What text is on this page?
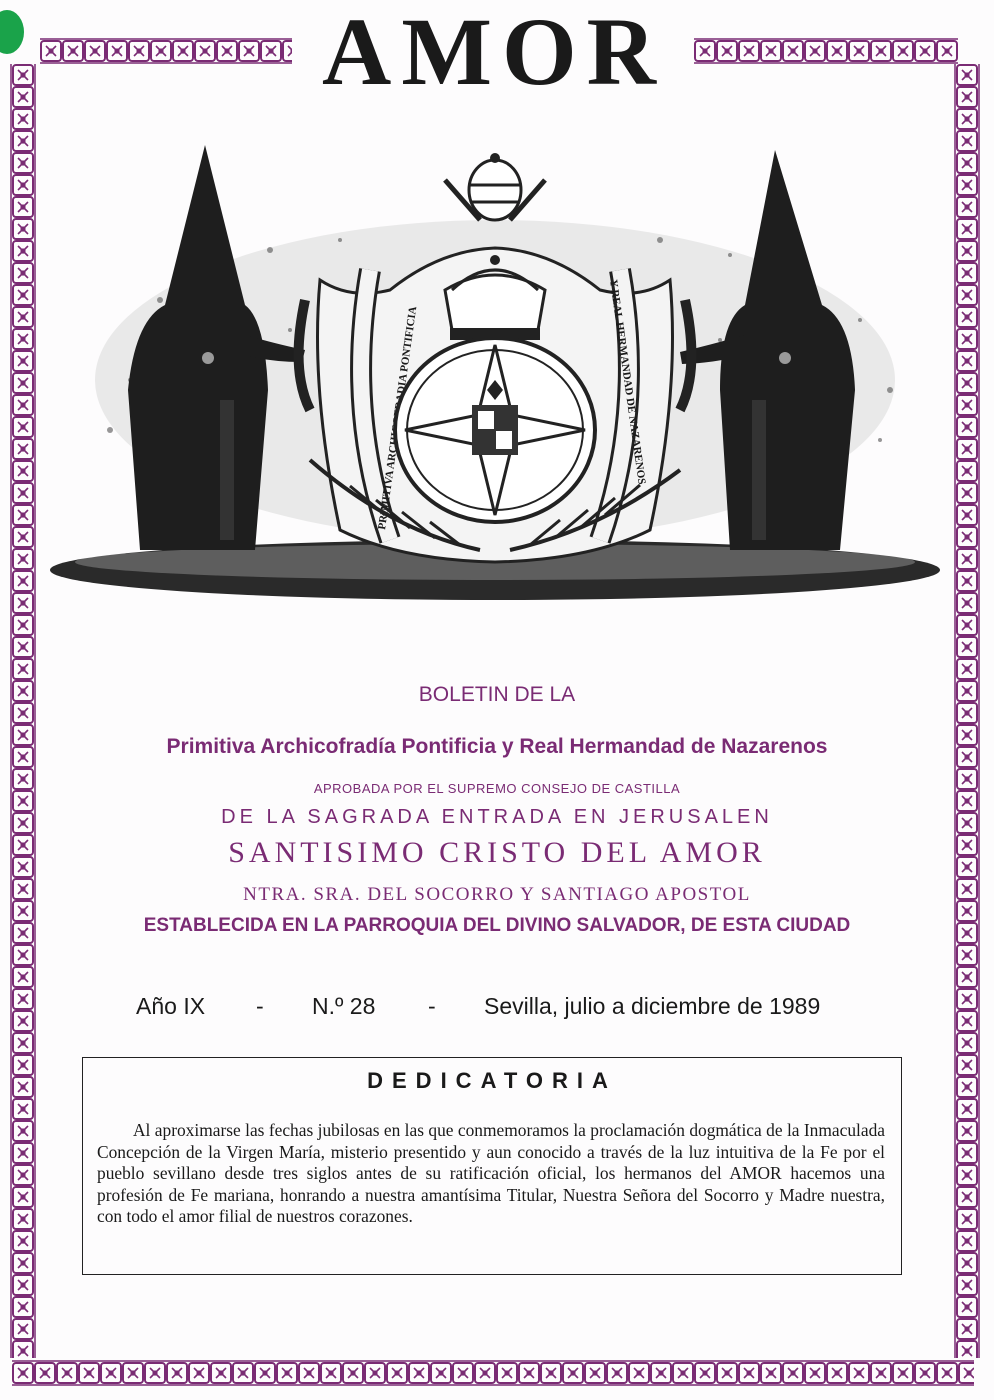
AMOR
PRIMITIVA PONTIFICIA	Y REAL HERMANDAD DE NAZARENOS
BOLETIN DE LA
Primitiva Archicofradía Pontificia y Real Hermandad de Nazarenos
APROBADA POR EL SUPREMO CONSEJO DE CASTILLA
DE LA SAGRADA ENTRADA EN JERUSALEN
SANTISIMO CRISTO DEL AMOR
NTRA. SRA. DEL SOCORRO Y SANTIAGO APOSTOL
ESTABLECIDA EN LA PARROQUIA DEL DIVINO SALVADOR, DE ESTA CIUDAD
Año IX - N.º 28 - Sevilla, julio a diciembre de 1989
DEDICATORIA
Al aproximarse las fechas jubilosas en las que conmemoramos la proclamación dogmática de la Inmaculada Concepción de la Virgen María, misterio presentido y aun conocido a través de la luz intuitiva de la Fe por el pueblo sevillano desde tres siglos antes de su ratificación oficial, los hermanos del AMOR hacemos una profesión de Fe mariana, honrando a nuestra amantísima Titular, Nuestra Señora del Socorro y Madre nuestra, con todo el amor filial de nuestros corazones.
